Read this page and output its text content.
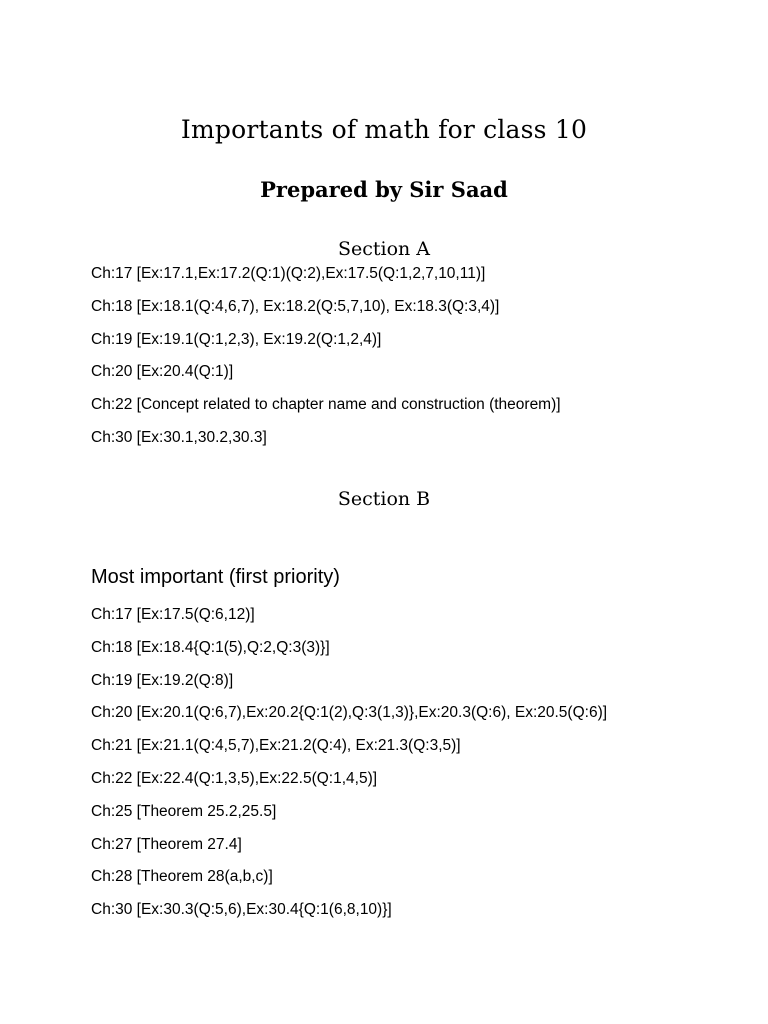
Importants of math for class 10
Prepared by Sir Saad
Section A
Ch:17 [Ex:17.1,Ex:17.2(Q:1)(Q:2),Ex:17.5(Q:1,2,7,10,11)]
Ch:18 [Ex:18.1(Q:4,6,7), Ex:18.2(Q:5,7,10), Ex:18.3(Q:3,4)]
Ch:19 [Ex:19.1(Q:1,2,3), Ex:19.2(Q:1,2,4)]
Ch:20 [Ex:20.4(Q:1)]
Ch:22 [Concept related to chapter name and construction (theorem)]
Ch:30 [Ex:30.1,30.2,30.3]
Section B
Most important (first priority)
Ch:17 [Ex:17.5(Q:6,12)]
Ch:18 [Ex:18.4{Q:1(5),Q:2,Q:3(3)}]
Ch:19 [Ex:19.2(Q:8)]
Ch:20 [Ex:20.1(Q:6,7),Ex:20.2{Q:1(2),Q:3(1,3)},Ex:20.3(Q:6), Ex:20.5(Q:6)]
Ch:21 [Ex:21.1(Q:4,5,7),Ex:21.2(Q:4), Ex:21.3(Q:3,5)]
Ch:22 [Ex:22.4(Q:1,3,5),Ex:22.5(Q:1,4,5)]
Ch:25 [Theorem 25.2,25.5]
Ch:27 [Theorem 27.4]
Ch:28 [Theorem 28(a,b,c)]
Ch:30 [Ex:30.3(Q:5,6),Ex:30.4{Q:1(6,8,10)}]
